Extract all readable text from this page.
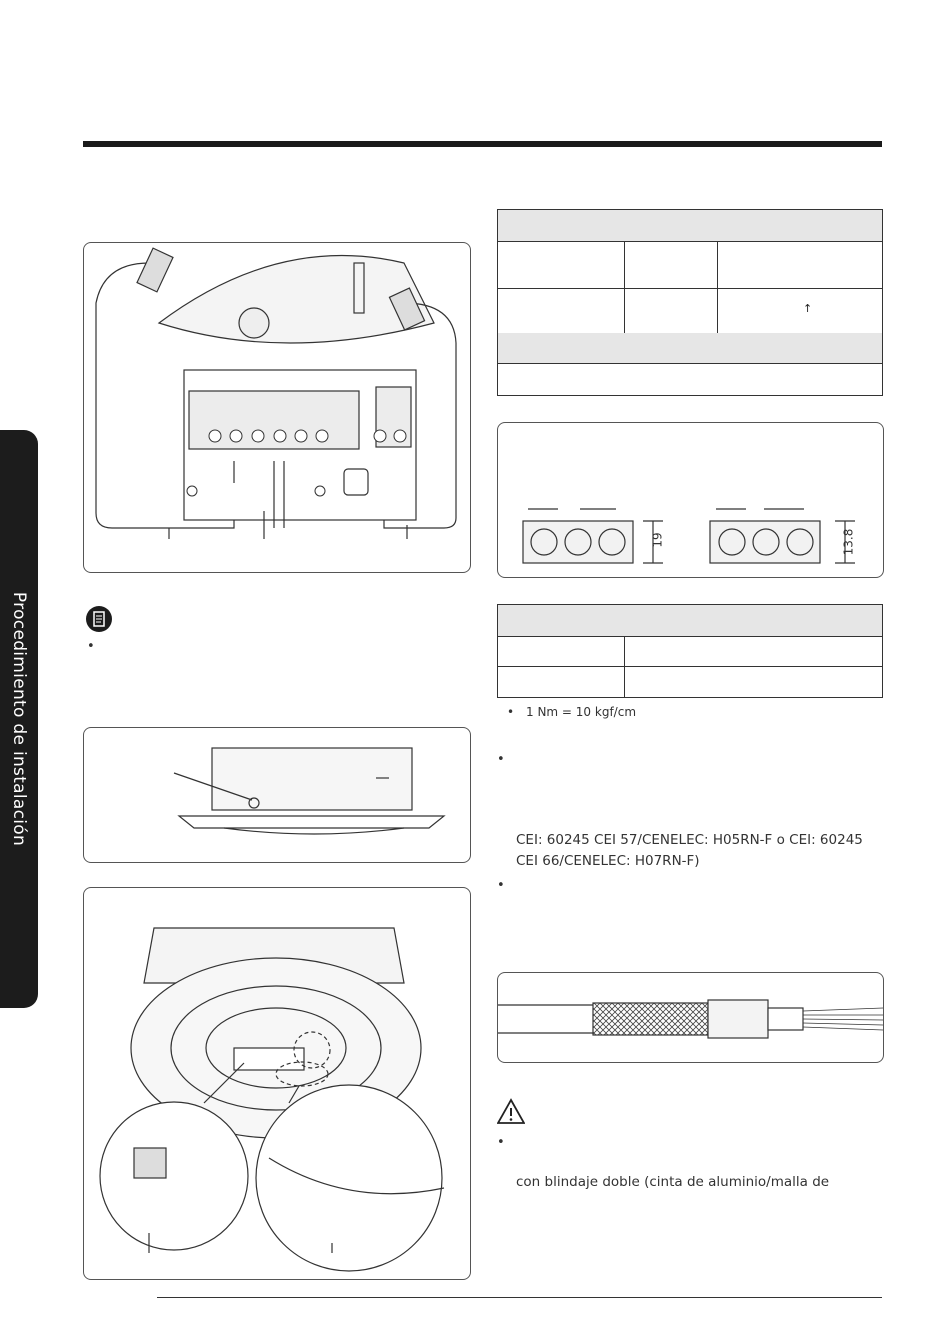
Procedimiento de instalación	•
↑
19	13.8
• 1 Nm = 10 kgf/cm
•
CEI: 60245 CEI 57/CENELEC: H05RN-F o CEI: 60245
CEI 66/CENELEC: H07RN-F)
•
•
con blindaje doble (cinta de aluminio/malla de
